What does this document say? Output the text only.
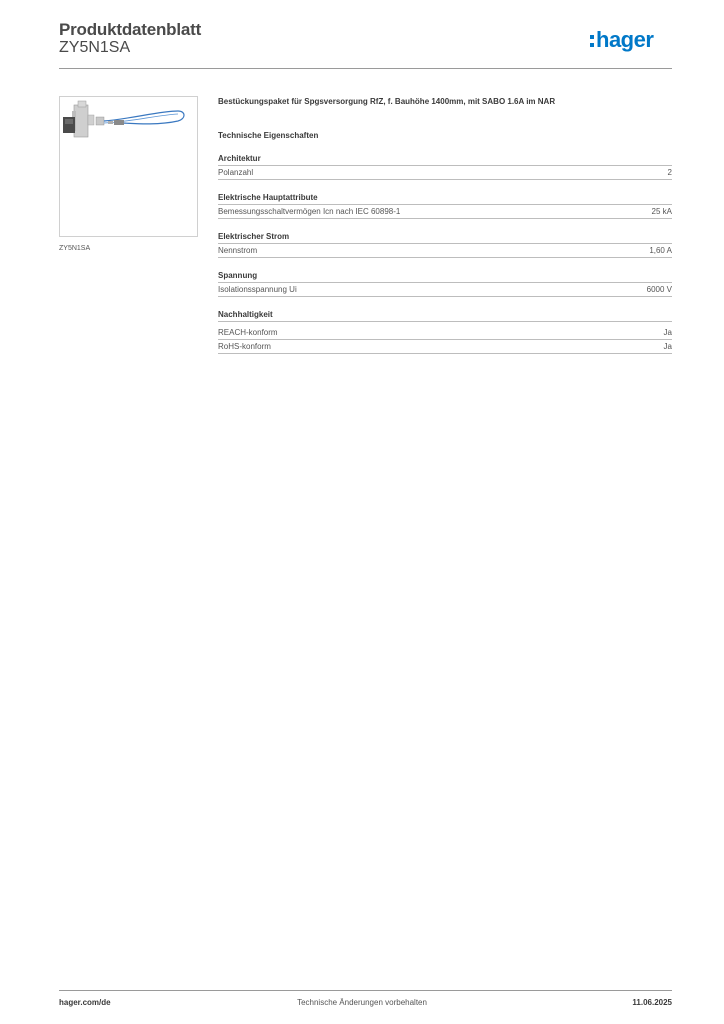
Produktdatenblatt
ZY5N1SA	hager
ZY5N1SA
Bestückungspaket für Spgsversorgung RfZ, f. Bauhöhe 1400mm, mit SABO 1.6A im NAR
Technische Eigenschaften
Architektur
Polanzahl	2
Elektrische Hauptattribute
Bemessungsschaltvermögen Icn nach IEC 60898-1	25 kA
Elektrischer Strom
Nennstrom	1,60 A
Spannung
Isolationsspannung Ui	6000 V
Nachhaltigkeit
REACH-konform	Ja
RoHS-konform	Ja
hager.com/de	Technische Änderungen vorbehalten	11.06.2025
